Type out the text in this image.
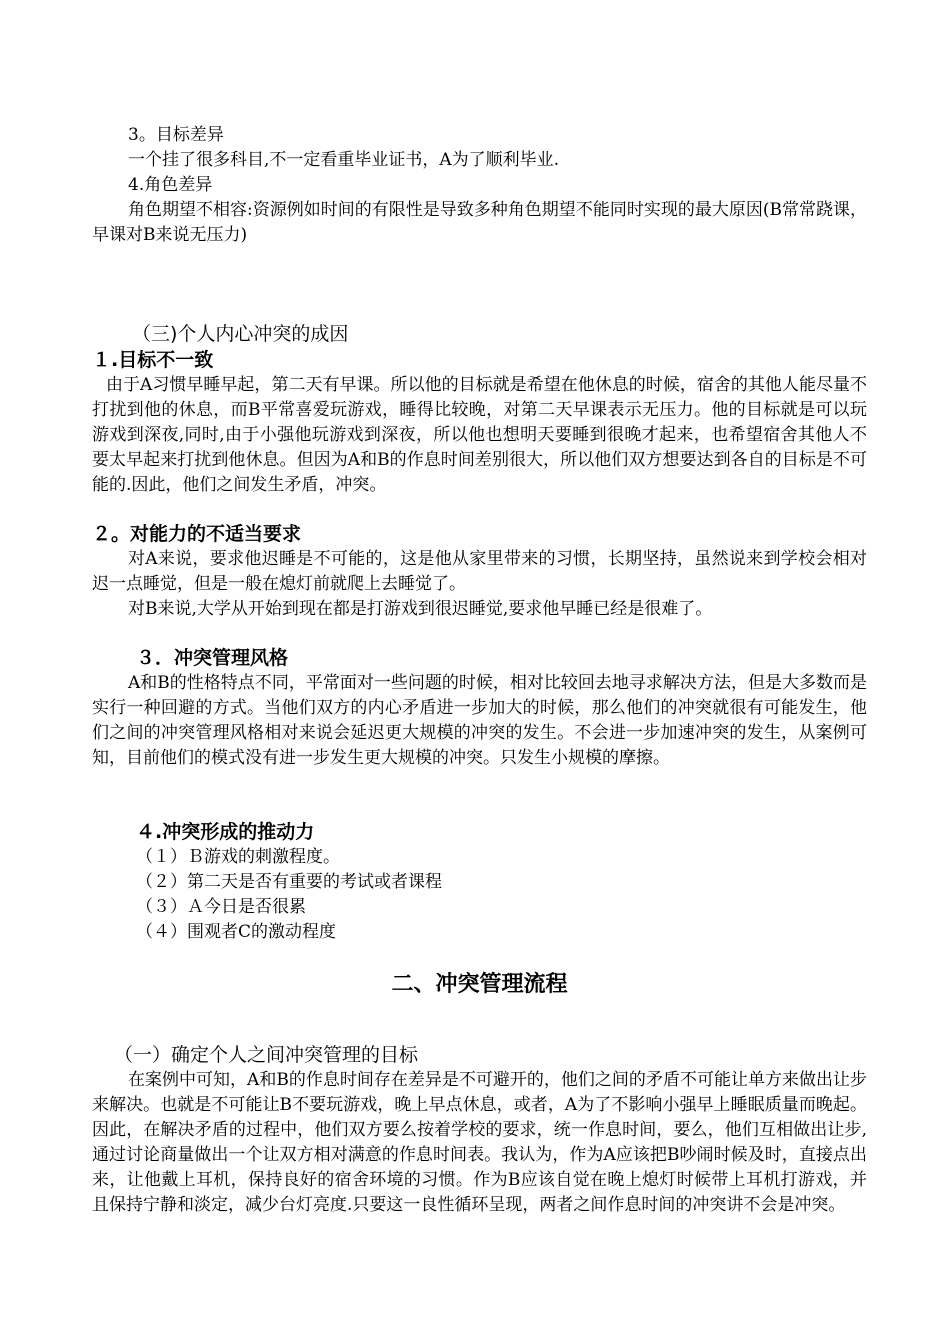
3。目标差异

一个挂了很多科目,不一定看重毕业证书，A为了顺利毕业.

4.角色差异

角色期望不相容:资源例如时间的有限性是导致多种角色期望不能同时实现的最大原因(B常常跷课，早课对B来说无压力)

（三)个人内心冲突的成因

１.目标不一致

由于A习惯早睡早起，第二天有早课。所以他的目标就是希望在他休息的时候，宿舍的其他人能尽量不打扰到他的休息，而B平常喜爱玩游戏，睡得比较晚，对第二天早课表示无压力。他的目标就是可以玩游戏到深夜,同时,由于小强他玩游戏到深夜，所以他也想明天要睡到很晚才起来，也希望宿舍其他人不要太早起来打扰到他休息。但因为A和B的作息时间差别很大，所以他们双方想要达到各自的目标是不可能的.因此，他们之间发生矛盾，冲突。

２。对能力的不适当要求

对A来说，要求他迟睡是不可能的，这是他从家里带来的习惯，长期坚持，虽然说来到学校会相对迟一点睡觉，但是一般在熄灯前就爬上去睡觉了。

对B来说,大学从开始到现在都是打游戏到很迟睡觉,要求他早睡已经是很难了。

３．冲突管理风格

A和B的性格特点不同，平常面对一些问题的时候，相对比较回去地寻求解决方法，但是大多数而是实行一种回避的方式。当他们双方的内心矛盾进一步加大的时候，那么他们的冲突就很有可能发生，他们之间的冲突管理风格相对来说会延迟更大规模的冲突的发生。不会进一步加速冲突的发生，从案例可知，目前他们的模式没有进一步发生更大规模的冲突。只发生小规模的摩擦。

４.冲突形成的推动力

（１）Ｂ游戏的刺激程度。

（２）第二天是否有重要的考试或者课程

（３）Ａ今日是否很累

（４）围观者C的激动程度

二、冲突管理流程

（一）确定个人之间冲突管理的目标

在案例中可知，A和B的作息时间存在差异是不可避开的，他们之间的矛盾不可能让单方来做出让步来解决。也就是不可能让B不要玩游戏，晚上早点休息，或者，A为了不影响小强早上睡眠质量而晚起。因此，在解决矛盾的过程中，他们双方要么按着学校的要求，统一作息时间，要么，他们互相做出让步,通过讨论商量做出一个让双方相对满意的作息时间表。我认为，作为A应该把B吵闹时候及时，直接点出来，让他戴上耳机，保持良好的宿舍环境的习惯。作为B应该自觉在晚上熄灯时候带上耳机打游戏，并且保持宁静和淡定，减少台灯亮度.只要这一良性循环呈现，两者之间作息时间的冲突讲不会是冲突。
